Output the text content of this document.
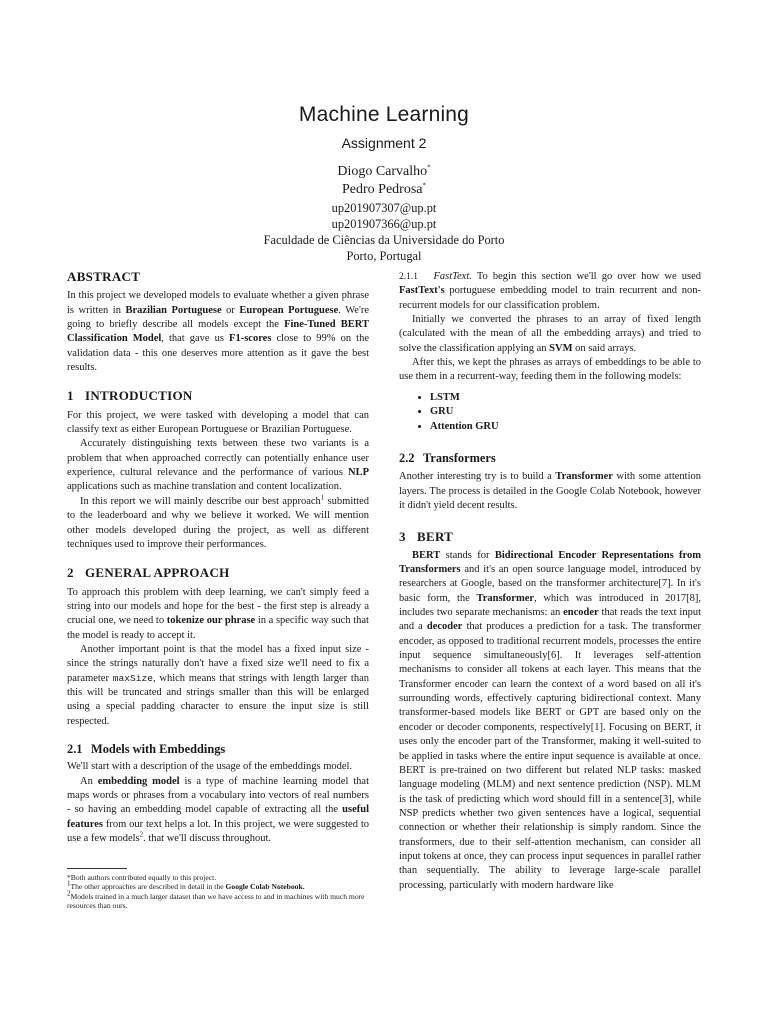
Machine Learning
Assignment 2
Diogo Carvalho*
Pedro Pedrosa*
up201907307@up.pt
up201907366@up.pt
Faculdade de Ciências da Universidade do Porto
Porto, Portugal
ABSTRACT

In this project we developed models to evaluate whether a given phrase is written in Brazilian Portuguese or European Portuguese. We're going to briefly describe all models except the Fine-Tuned BERT Classification Model, that gave us F1-scores close to 99% on the validation data - this one deserves more attention as it gave the best results.

1 INTRODUCTION

For this project, we were tasked with developing a model that can classify text as either European Portuguese or Brazilian Portuguese.

Accurately distinguishing texts between these two variants is a problem that when approached correctly can potentially enhance user experience, cultural relevance and the performance of various NLP applications such as machine translation and content localization.

In this report we will mainly describe our best approach$^1$ submitted to the leaderboard and why we believe it worked. We will mention other models developed during the project, as well as different techniques used to improve their performances.

2 GENERAL APPROACH

To approach this problem with deep learning, we can't simply feed a string into our models and hope for the best - the first step is already a crucial one, we need to tokenize our phrase in a specific way such that the model is ready to accept it.

Another important point is that the model has a fixed input size - since the strings naturally don't have a fixed size we'll need to fix a parameter maxSize, which means that strings with length larger than this will be truncated and strings smaller than this will be enlarged using a special padding character to ensure the input size is still respected.

2.1 Models with Embeddings

We'll start with a description of the usage of the embeddings model.

An embedding model is a type of machine learning model that maps words or phrases from a vocabulary into vectors of real numbers - so having an embedding model capable of extracting all the useful features from our text helps a lot. In this project, we were suggested to use a few models$^2$. that we'll discuss throughout.

*Both authors contributed equally to this project.

$^1$The other approaches are described in detail in the Google Colab Notebook.

$^2$Models trained in a much larger dataset than we have access to and in machines with much more resources than ours.

2.1.1 FastText. To begin this section we'll go over how we used FastText's portuguese embedding model to train recurrent and non-recurrent models for our classification problem.

Initially we converted the phrases to an array of fixed length (calculated with the mean of all the embedding arrays) and tried to solve the classification applying an SVM on said arrays.

After this, we kept the phrases as arrays of embeddings to be able to use them in a recurrent-way, feeding them in the following models:

• LSTM
• GRU
• Attention GRU
2.2 Transformers

Another interesting try is to build a Transformer with some attention layers. The process is detailed in the Google Colab Notebook, however it didn't yield decent results.

3 BERT

BERT stands for Bidirectional Encoder Representations from Transformers and it's an open source language model, introduced by researchers at Google, based on the transformer architecture[7]. In it's basic form, the Transformer, which was introduced in 2017[8], includes two separate mechanisms: an encoder that reads the text input and a decoder that produces a prediction for a task. The transformer encoder, as opposed to traditional recurrent models, processes the entire input sequence simultaneously[6]. It leverages self-attention mechanisms to consider all tokens at each layer. This means that the Transformer encoder can learn the context of a word based on all it's surrounding words, effectively capturing bidirectional context. Many transformer-based models like BERT or GPT are based only on the encoder or decoder components, respectively[1]. Focusing on BERT, it uses only the encoder part of the Transformer, making it well-suited to be applied in tasks where the entire input sequence is available at once. BERT is pre-trained on two different but related NLP tasks: masked language modeling (MLM) and next sentence prediction (NSP). MLM is the task of predicting which word should fill in a sentence[3], while NSP predicts whether two given sentences have a logical, sequential connection or whether their relationship is simply random. Since the transformers, due to their self-attention mechanism, can consider all input tokens at once, they can process input sequences in parallel rather than sequentially. The ability to leverage large-scale parallel processing, particularly with modern hardware like
